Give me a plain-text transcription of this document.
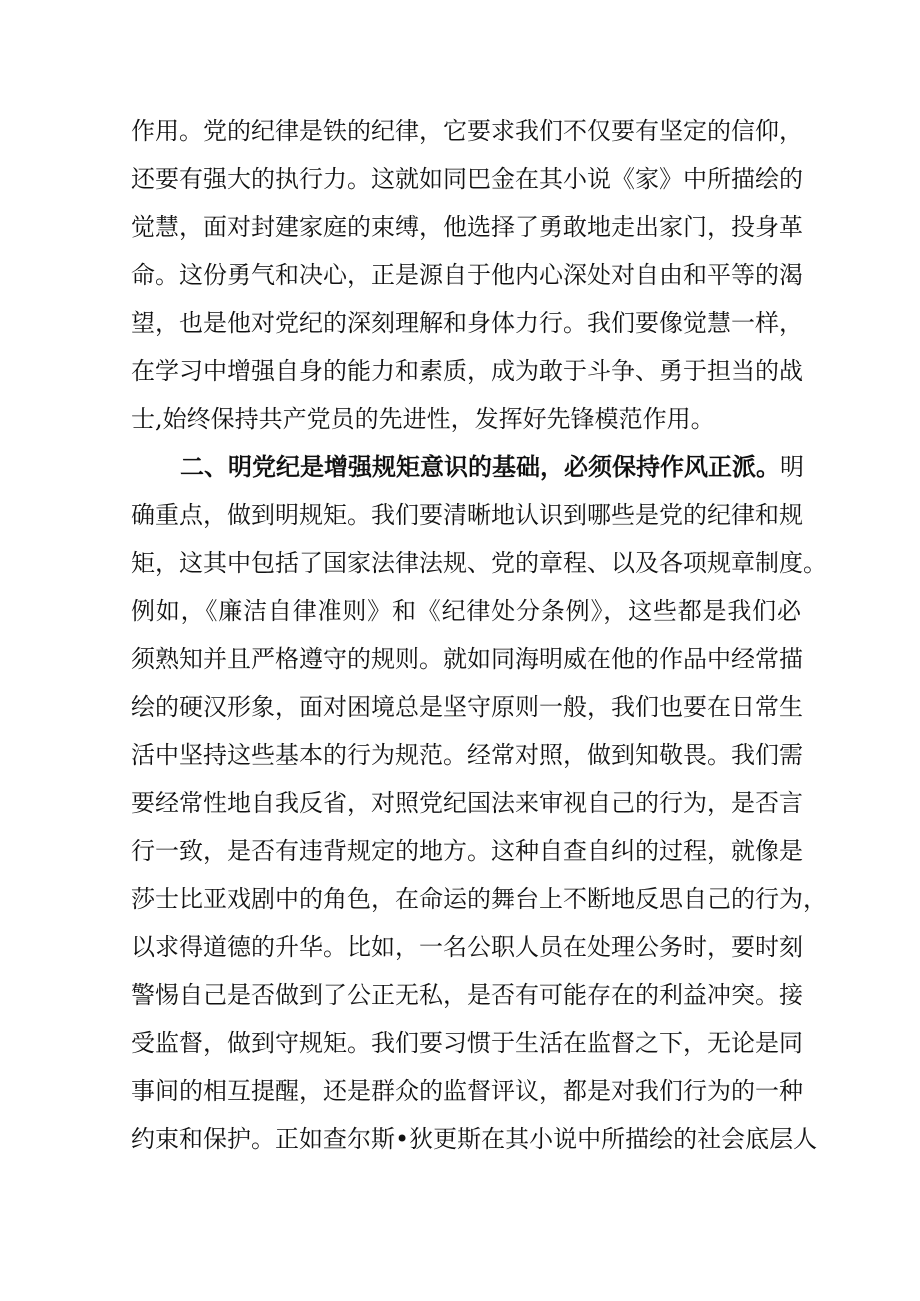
作用。党的纪律是铁的纪律，它要求我们不仅要有坚定的信仰，
还要有强大的执行力。这就如同巴金在其小说《家》中所描绘的
觉慧，面对封建家庭的束缚，他选择了勇敢地走出家门，投身革
命。这份勇气和决心，正是源自于他内心深处对自由和平等的渴
望，也是他对党纪的深刻理解和身体力行。我们要像觉慧一样，
在学习中增强自身的能力和素质，成为敢于斗争、勇于担当的战
士,始终保持共产党员的先进性，发挥好先锋模范作用。
二、明党纪是增强规矩意识的基础，必须保持作风正派。明
确重点，做到明规矩。我们要清晰地认识到哪些是党的纪律和规
矩，这其中包括了国家法律法规、党的章程、以及各项规章制度。
例如，《廉洁自律准则》和《纪律处分条例》，这些都是我们必
须熟知并且严格遵守的规则。就如同海明威在他的作品中经常描
绘的硬汉形象，面对困境总是坚守原则一般，我们也要在日常生
活中坚持这些基本的行为规范。经常对照，做到知敬畏。我们需
要经常性地自我反省，对照党纪国法来审视自己的行为，是否言
行一致，是否有违背规定的地方。这种自查自纠的过程，就像是
莎士比亚戏剧中的角色，在命运的舞台上不断地反思自己的行为，
以求得道德的升华。比如，一名公职人员在处理公务时，要时刻
警惕自己是否做到了公正无私，是否有可能存在的利益冲突。接
受监督，做到守规矩。我们要习惯于生活在监督之下，无论是同
事间的相互提醒，还是群众的监督评议，都是对我们行为的一种
约束和保护。正如查尔斯•狄更斯在其小说中所描绘的社会底层人
